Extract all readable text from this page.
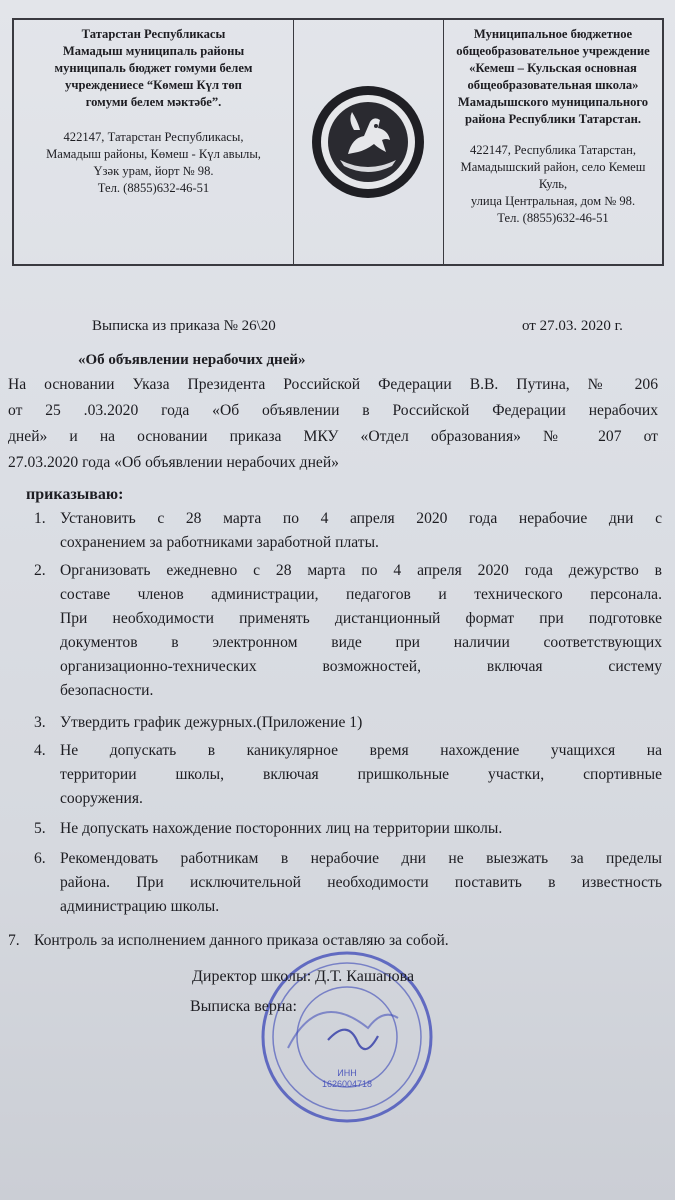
Татарстан Республикасы
Мамадыш муниципаль районы
муниципаль бюджет гомуми белем
учреждениесе “Көмеш Күл төп
гомуми белем мәктәбе”.
422147, Татарстан Республикасы,
Мамадыш районы, Көмеш - Күл авылы,
Үзәк урам, йорт № 98.
Тел. (8855)632-46-51
Муниципальное бюджетное
общеобразовательное учреждение
«Кемеш – Кульская основная
общеобразовательная школа»
Мамадышского муниципального
района Республики Татарстан.
422147, Республика Татарстан,
Мамадышский район, село Кемеш
Куль,
улица Центральная, дом № 98.
Тел. (8855)632-46-51
Выписка из приказа № 26\20	от 27.03. 2020 г.
«Об объявлении нерабочих дней»
На основании Указа Президента Российской Федерации В.В. Путина, № 206
от 25 .03.2020 года «Об объявлении в Российской Федерации нерабочих
дней» и на основании приказа МКУ «Отдел образования» № 207 от
27.03.2020 года «Об объявлении нерабочих дней»
приказываю:
1. Установить с 28 марта по 4 апреля 2020 года нерабочие дни с
сохранением за работниками заработной платы.
2. Организовать ежедневно с 28 марта по 4 апреля 2020 года дежурство в
составе членов администрации, педагогов и технического персонала.
При необходимости применять дистанционный формат при подготовке
документов в электронном виде при наличии соответствующих
организационно-технических возможностей, включая систему
безопасности.
3. Утвердить график дежурных.(Приложение 1)
4. Не допускать в каникулярное время нахождение учащихся на
территории школы, включая пришкольные участки, спортивные
сооружения.
5. Не допускать нахождение посторонних лиц на территории школы.
6. Рекомендовать работникам в нерабочие дни не выезжать за пределы
района. При исключительной необходимости поставить в известность
администрацию школы.
7. Контроль за исполнением данного приказа оставляю за собой.
ИНН
1626004718
Директор школы: Д.Т. Кашапова
Выписка верна:
